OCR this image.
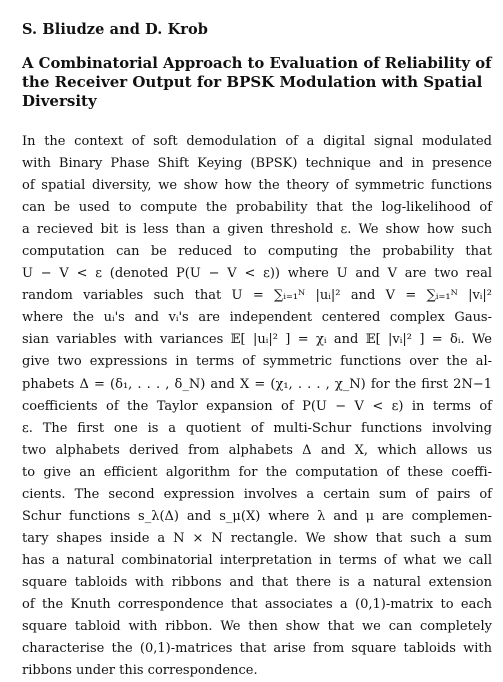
S. Bliudze and D. Krob

A Combinatorial Approach to Evaluation of Reliability of
the Receiver Output for BPSK Modulation with Spatial
Diversity
In the context of soft demodulation of a digital signal modulated
with Binary Phase Shift Keying (BPSK) technique and in presence
of spatial diversity, we show how the theory of symmetric functions
can be used to compute the probability that the log-likelihood of
a recieved bit is less than a given threshold ε. We show how such
computation can be reduced to computing the probability that
U − V < ε (denoted P(U − V < ε)) where U and V are two real
random variables such that U = ∑ᵢ₌₁ᴺ |uᵢ|² and V = ∑ᵢ₌₁ᴺ |vᵢ|²
where the uᵢ's and vᵢ's are independent centered complex Gaus-
sian variables with variances 𝔼[ |uᵢ|² ] = χᵢ and 𝔼[ |vᵢ|² ] = δᵢ. We
give two expressions in terms of symmetric functions over the al-
phabets Δ = (δ₁, . . . , δ_N) and X = (χ₁, . . . , χ_N) for the first 2N−1
coefficients of the Taylor expansion of P(U − V < ε) in terms of
ε. The first one is a quotient of multi-Schur functions involving
two alphabets derived from alphabets Δ and X, which allows us
to give an efficient algorithm for the computation of these coeffi-
cients. The second expression involves a certain sum of pairs of
Schur functions s_λ(Δ) and s_μ(X) where λ and μ are complemen-
tary shapes inside a N × N rectangle. We show that such a sum
has a natural combinatorial interpretation in terms of what we call
square tabloids with ribbons and that there is a natural extension
of the Knuth correspondence that associates a (0,1)-matrix to each
square tabloid with ribbon. We then show that we can completely
characterise the (0,1)-matrices that arise from square tabloids with
ribbons under this correspondence.
